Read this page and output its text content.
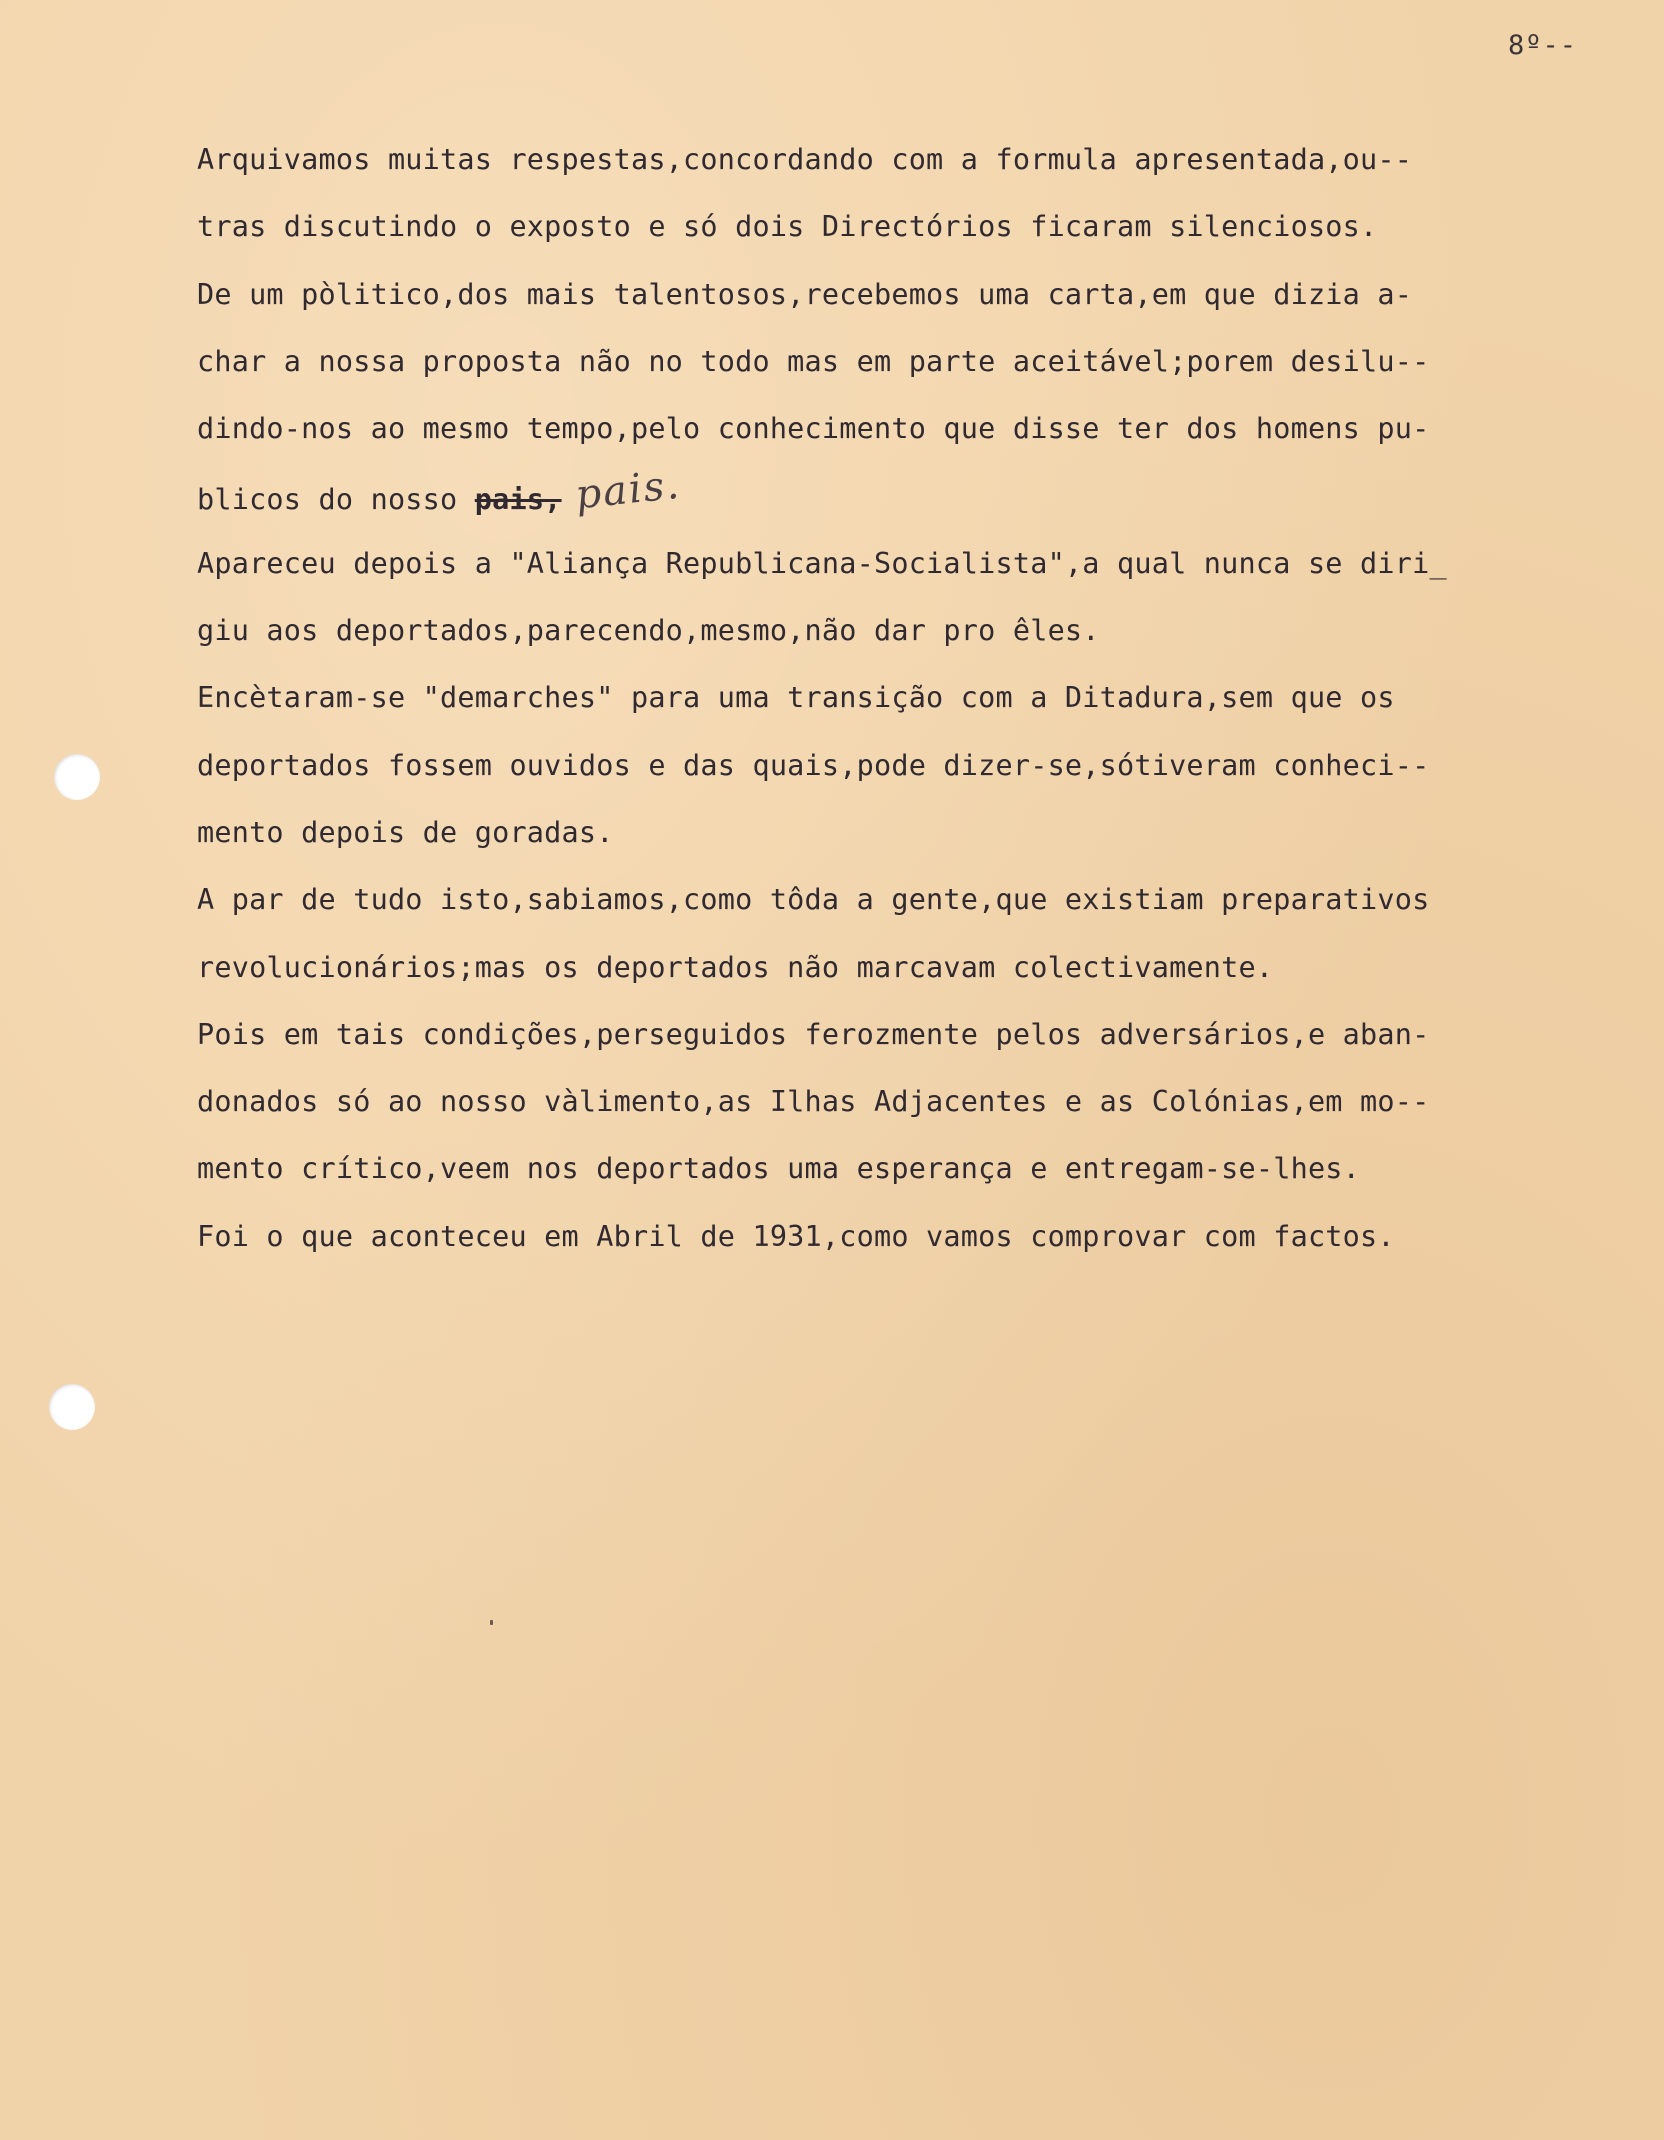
8º--
Arquivamos muitas respestas,concordando com a formula apresentada,ou--
tras discutindo o exposto e só dois Directórios ficaram silenciosos.
De um pòlitico,dos mais talentosos,recebemos uma carta,em que dizia a-
char a nossa proposta não no todo mas em parte aceitável;porem desilu--
dindo-nos ao mesmo tempo,pelo conhecimento que disse ter dos homens pu-
blicos do nosso pais, pais.
Apareceu depois a "Aliança Republicana-Socialista",a qual nunca se diri_
giu aos deportados,parecendo,mesmo,não dar pro êles.
Encètaram-se "demarches" para uma transição com a Ditadura,sem que os
deportados fossem ouvidos e das quais,pode dizer-se,sótiveram conheci--
mento depois de goradas.
A par de tudo isto,sabiamos,como tôda a gente,que existiam preparativos
revolucionários;mas os deportados não marcavam colectivamente.
Pois em tais condições,perseguidos ferozmente pelos adversários,e aban-
donados só ao nosso vàlimento,as Ilhas Adjacentes e as Colónias,em mo--
mento crítico,veem nos deportados uma esperança e entregam-se-lhes.
Foi o que aconteceu em Abril de 1931,como vamos comprovar com factos.
